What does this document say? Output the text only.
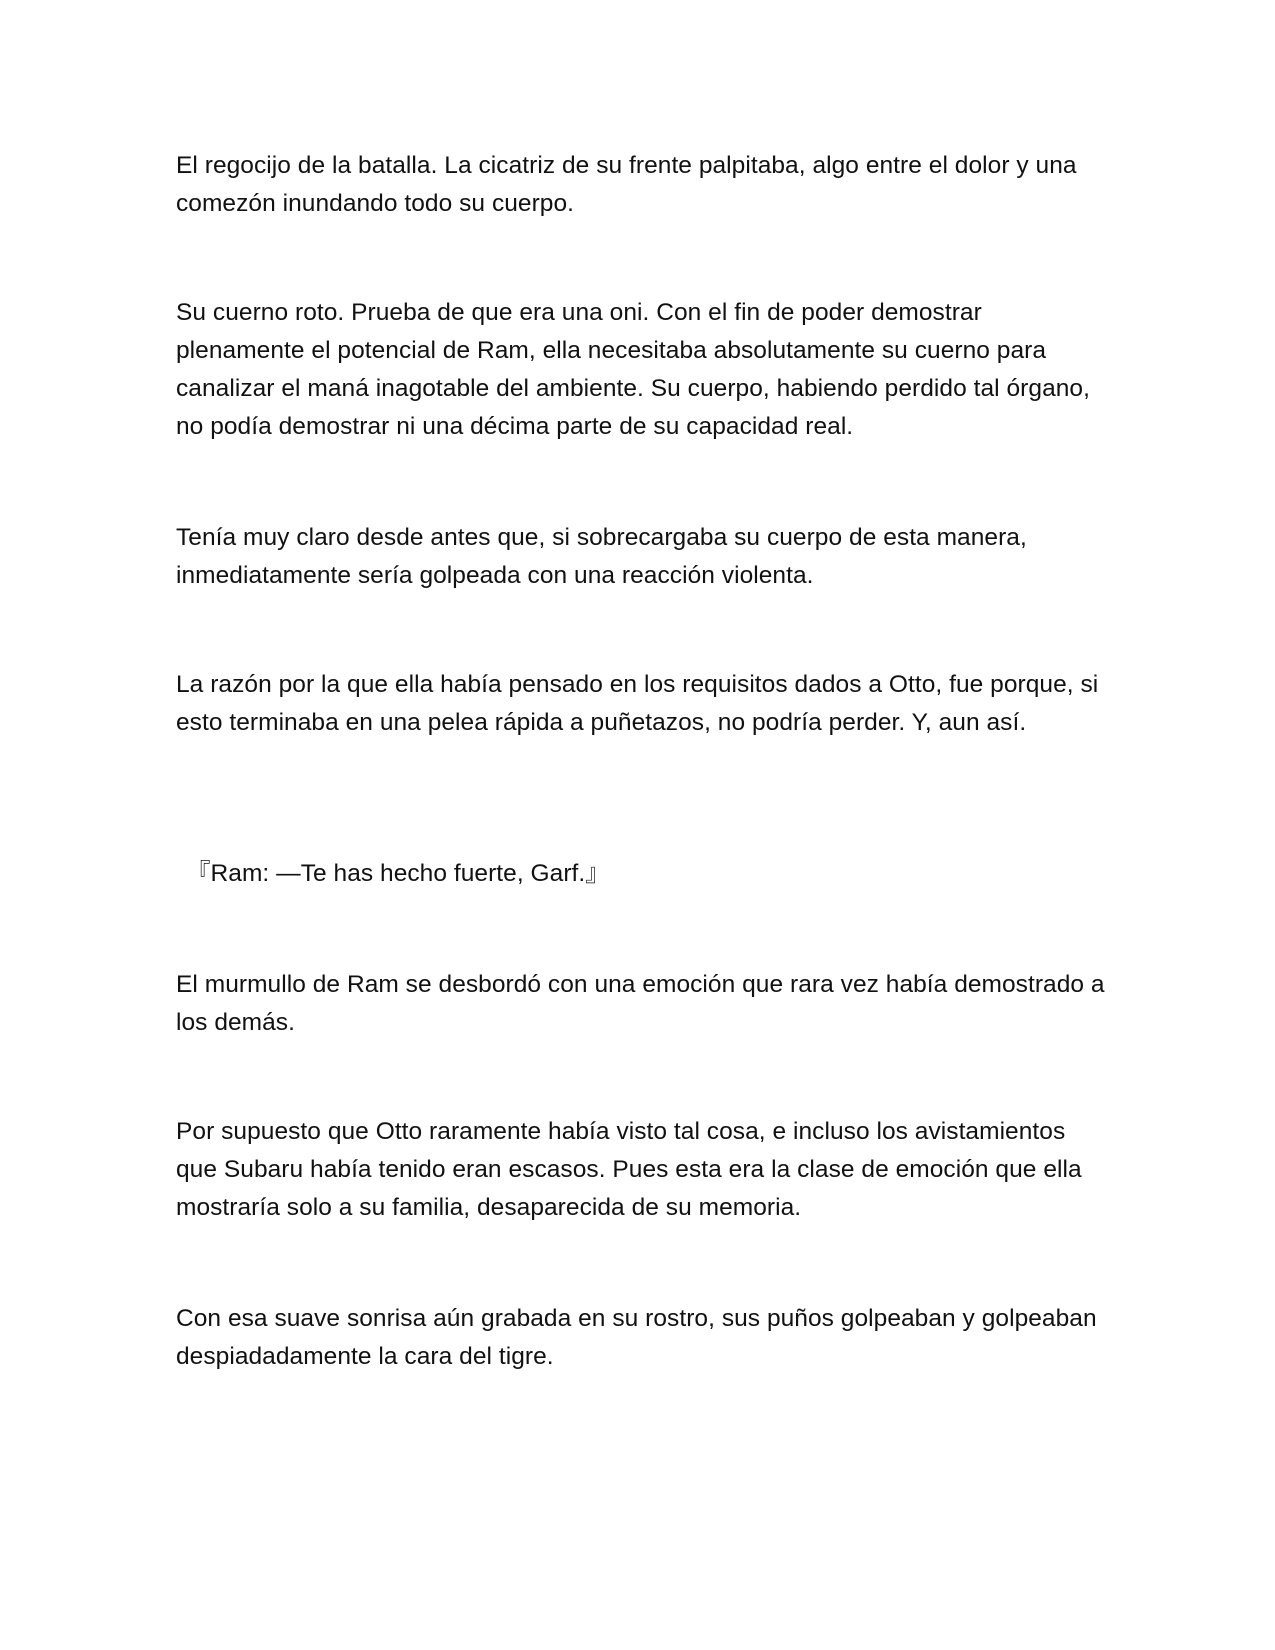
El regocijo de la batalla. La cicatriz de su frente palpitaba, algo entre el dolor y una comezón inundando todo su cuerpo.

Su cuerno roto. Prueba de que era una oni. Con el fin de poder demostrar plenamente el potencial de Ram, ella necesitaba absolutamente su cuerno para canalizar el maná inagotable del ambiente. Su cuerpo, habiendo perdido tal órgano, no podía demostrar ni una décima parte de su capacidad real.

Tenía muy claro desde antes que, si sobrecargaba su cuerpo de esta manera, inmediatamente sería golpeada con una reacción violenta.

La razón por la que ella había pensado en los requisitos dados a Otto, fue porque, si esto terminaba en una pelea rápida a puñetazos, no podría perder. Y, aun así.

『Ram: —Te has hecho fuerte, Garf.』

El murmullo de Ram se desbordó con una emoción que rara vez había demostrado a los demás.

Por supuesto que Otto raramente había visto tal cosa, e incluso los avistamientos que Subaru había tenido eran escasos. Pues esta era la clase de emoción que ella mostraría solo a su familia, desaparecida de su memoria.

Con esa suave sonrisa aún grabada en su rostro, sus puños golpeaban y golpeaban despiadadamente la cara del tigre.
